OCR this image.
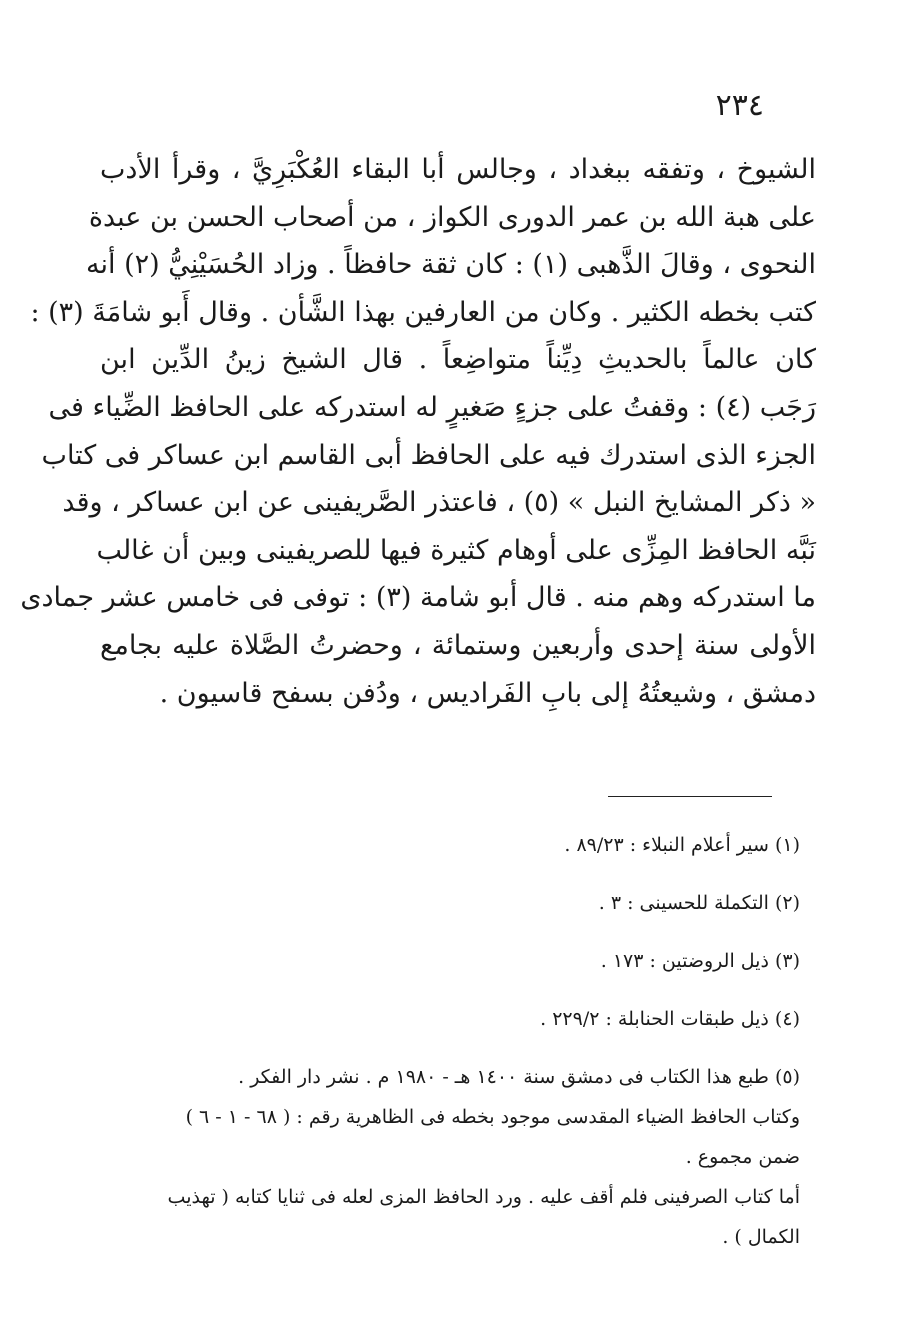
٢٣٤
الشيوخ ، وتفقه ببغداد ، وجالس أبا البقاء العُكْبَرِيَّ ، وقرأ الأدب
على هبة الله بن عمر الدورى الكواز ، من أصحاب الحسن بن عبدة
النحوى ، وقالَ الذَّهبى (١) : كان ثقة حافظاً . وزاد الحُسَيْنِيُّ (٢) أنه
كتب بخطه الكثير . وكان من العارفين بهذا الشَّأن . وقال أَبو شامَةَ (٣) :
كان عالماً بالحديثِ دِيِّناً متواضِعاً . قال الشيخ زينُ الدِّين ابن
رَجَب (٤) : وقفتُ على جزءٍ صَغيرٍ له استدركه على الحافظ الضِّياء فى
الجزء الذى استدرك فيه على الحافظ أبى القاسم ابن عساكر فى كتاب
« ذكر المشايخ النبل » (٥) ، فاعتذر الصَّريفينى عن ابن عساكر ، وقد
نَبَّه الحافظ المِزِّى على أوهام كثيرة فيها للصريفينى وبين أن غالب
ما استدركه وهم منه . قال أبو شامة (٣) : توفى فى خامس عشر جمادى
الأولى سنة إحدى وأربعين وستمائة ، وحضرتُ الصَّلاة عليه بجامع
دمشق ، وشيعتُهُ إلى بابِ الفَراديس ، ودُفن بسفح قاسيون .
(١) سير أعلام النبلاء : ٨٩/٢٣ .
(٢) التكملة للحسينى : ٣ .
(٣) ذيل الروضتين : ١٧٣ .
(٤) ذيل طبقات الحنابلة : ٢٢٩/٢ .
(٥) طبع هذا الكتاب فى دمشق سنة ١٤٠٠ هـ - ١٩٨٠ م . نشر دار الفكر .
وكتاب الحافظ الضياء المقدسى موجود بخطه فى الظاهرية رقم : ( ٦٨ - ١ - ٦ )
ضمن مجموع .
أما كتاب الصرفينى فلم أقف عليه . ورد الحافظ المزى لعله فى ثنايا كتابه ( تهذيب
الكمال ) .
